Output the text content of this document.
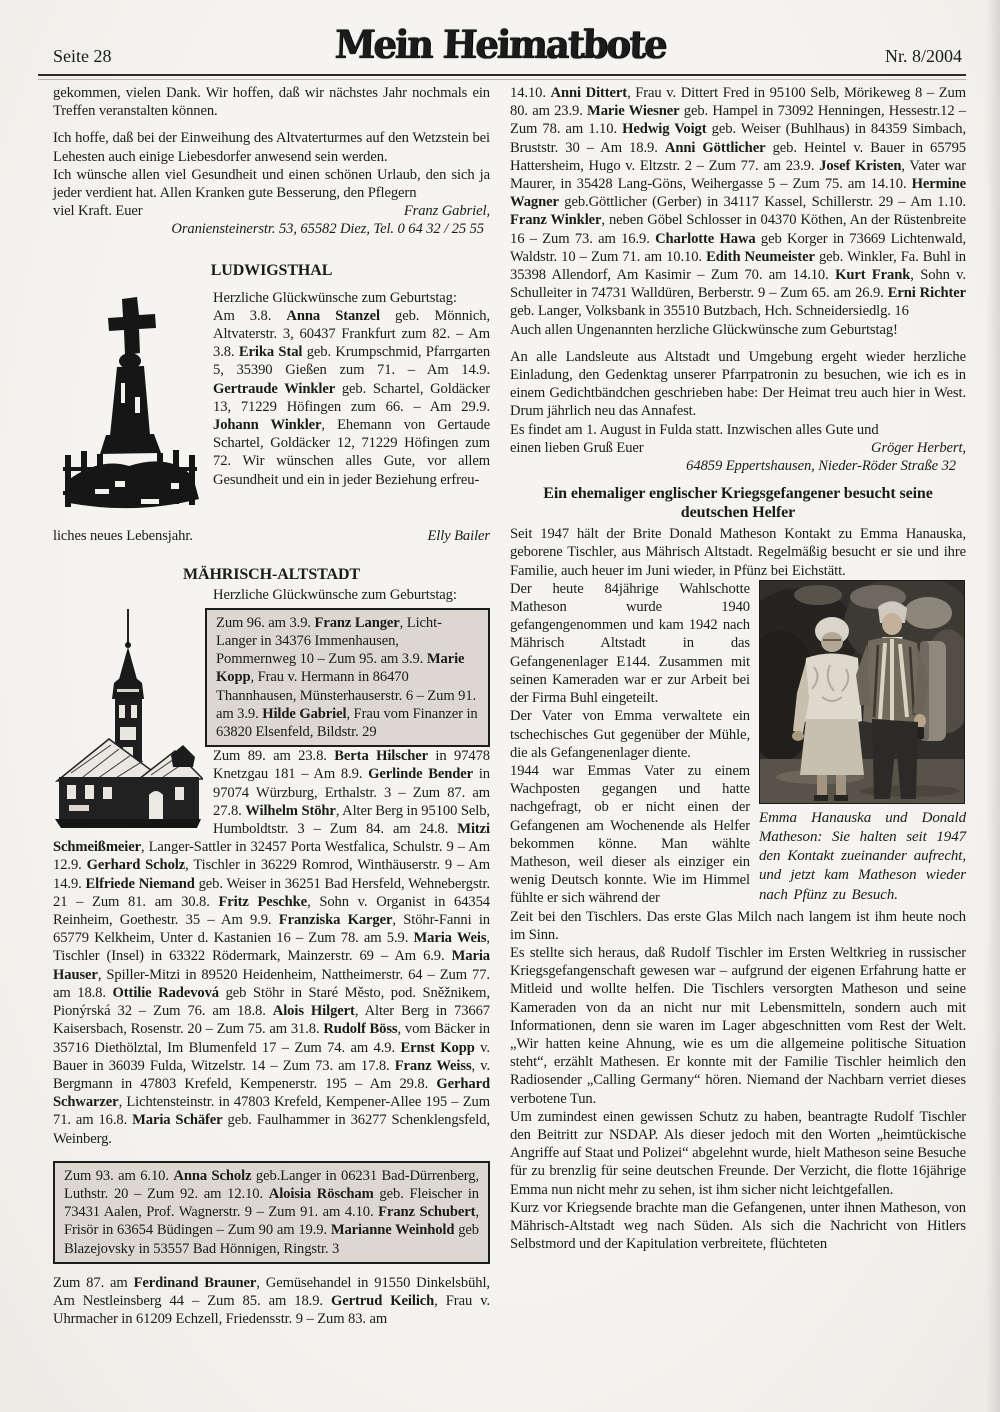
Seite 28	Mein Heimatbote	Nr. 8/2004

gekommen, vielen Dank. Wir hoffen, daß wir nächstes Jahr nochmals ein Treffen veranstalten können.

Ich hoffe, daß bei der Einweihung des Altvaterturmes auf den Wetzstein bei Lehesten auch einige Liebesdorfer anwesend sein werden.

Ich wünsche allen viel Gesundheit und einen schönen Urlaub, den sich ja jeder verdient hat. Allen Kranken gute Besserung, den Pflegern

viel Kraft. Euer	Franz Gabriel,
Oraniensteinerstr. 53, 65582 Diez, Tel. 0 64 32 / 25 55
LUDWIGSTHAL
Herzliche Glückwünsche zum Geburtstag:
Am 3.8. Anna Stanzel geb. Mönnich, Altvaterstr. 3, 60437 Frankfurt zum 82. – Am 3.8. Erika Stal geb. Krumpschmid, Pfarrgarten 5, 35390 Gießen zum 71. – Am 14.9. Gertraude Winkler geb. Schartel, Goldäcker 13, 71229 Höfingen zum 66. – Am 29.9. Johann Winkler, Ehemann von Gertaude Schartel, Goldäcker 12, 71229 Höfingen zum 72. Wir wünschen alles Gute, vor allem Gesundheit und ein in jeder Beziehung erfreu-
liches neues Lebensjahr.	Elly Bailer
MÄHRISCH-ALTSTADT
Herzliche Glückwünsche zum Geburtstag:
Zum 96. am 3.9. Franz Langer, Licht-Langer in 34376 Immenhausen, Pommernweg 10 – Zum 95. am 3.9. Marie Kopp, Frau v. Hermann in 86470 Thannhausen, Münsterhauserstr. 6 – Zum 91. am 3.9. Hilde Gabriel, Frau vom Finanzer in 63820 Elsenfeld, Bildstr. 29
Zum 89. am 23.8. Berta Hilscher in 97478 Knetzgau 181 – Am 8.9. Gerlinde Bender in 97074 Würzburg, Erthalstr. 3 – Zum 87. am 27.8. Wilhelm Stöhr, Alter Berg in 95100 Selb, Humboldtstr. 3 – Zum 84. am 24.8. Mitzi Schmeißmeier, Langer-Sattler in 32457 Porta Westfalica, Schulstr. 9 – Am 12.9. Gerhard Scholz, Tischler in 36229 Romrod, Winthäuserstr. 9 – Am 14.9. Elfriede Niemand geb. Weiser in 36251 Bad Hersfeld, Wehnebergstr. 21 – Zum 81. am 30.8. Fritz Peschke, Sohn v. Organist in 64354 Reinheim, Goethestr. 35 – Am 9.9. Franziska Karger, Stöhr-Fanni in 65779 Kelkheim, Unter d. Kastanien 16 – Zum 78. am 5.9. Maria Weis, Tischler (Insel) in 63322 Rödermark, Mainzerstr. 69 – Am 6.9. Maria Hauser, Spiller-Mitzi in 89520 Heidenheim, Nattheimerstr. 64 – Zum 77. am 18.8. Ottilie Radevová geb Stöhr in Staré Město, pod. Sněžnikem, Pionýrská 32 – Zum 76. am 18.8. Alois Hilgert, Alter Berg in 73667 Kaisersbach, Rosenstr. 20 – Zum 75. am 31.8. Rudolf Böss, vom Bäcker in 35716 Diethölztal, Im Blumenfeld 17 – Zum 74. am 4.9. Ernst Kopp v. Bauer in 36039 Fulda, Witzelstr. 14 – Zum 73. am 17.8. Franz Weiss, v. Bergmann in 47803 Krefeld, Kempenerstr. 195 – Am 29.8. Gerhard Schwarzer, Lichtensteinstr. in 47803 Krefeld, Kempener-Allee 195 – Zum 71. am 16.8. Maria Schäfer geb. Faulhammer in 36277 Schenklengsfeld, Weinberg.
Zum 93. am 6.10. Anna Scholz geb.Langer in 06231 Bad-Dürrenberg, Luthstr. 20 – Zum 92. am 12.10. Aloisia Röscham geb. Fleischer in 73431 Aalen, Prof. Wagnerstr. 9 – Zum 91. am 4.10. Franz Schubert, Frisör in 63654 Büdingen – Zum 90 am 19.9. Marianne Weinhold geb Blazejovsky in 53557 Bad Hönnigen, Ringstr. 3

Zum 87. am Ferdinand Brauner, Gemüsehandel in 91550 Dinkelsbühl, Am Nestleinsberg 44 – Zum 85. am 18.9. Gertrud Keilich, Frau v. Uhrmacher in 61209 Echzell, Friedensstr. 9 – Zum 83. am

14.10. Anni Dittert, Frau v. Dittert Fred in 95100 Selb, Mörikeweg 8 – Zum 80. am 23.9. Marie Wiesner geb. Hampel in 73092 Henningen, Hessestr.12 – Zum 78. am 1.10. Hedwig Voigt geb. Weiser (Buhlhaus) in 84359 Simbach, Bruststr. 30 – Am 18.9. Anni Göttlicher geb. Heintel v. Bauer in 65795 Hattersheim, Hugo v. Eltzstr. 2 – Zum 77. am 23.9. Josef Kristen, Vater war Maurer, in 35428 Lang-Göns, Weihergasse 5 – Zum 75. am 14.10. Hermine Wagner geb.Göttlicher (Gerber) in 34117 Kassel, Schillerstr. 29 – Am 1.10. Franz Winkler, neben Göbel Schlosser in 04370 Köthen, An der Rüstenbreite 16 – Zum 73. am 16.9. Charlotte Hawa geb Korger in 73669 Lichtenwald, Waldstr. 10 – Zum 71. am 10.10. Edith Neumeister geb. Winkler, Fa. Buhl in 35398 Allendorf, Am Kasimir – Zum 70. am 14.10. Kurt Frank, Sohn v. Schulleiter in 74731 Walldüren, Berberstr. 9 – Zum 65. am 26.9. Erni Richter geb. Langer, Volksbank in 35510 Butzbach, Hch. Schneidersiedlg. 16

Auch allen Ungenannten herzliche Glückwünsche zum Geburtstag!

An alle Landsleute aus Altstadt und Umgebung ergeht wieder herzliche Einladung, den Gedenktag unserer Pfarrpatronin zu besuchen, wie ich es in einem Gedichtbändchen geschrieben habe: Der Heimat treu auch hier in West. Drum jährlich neu das Annafest.

Es findet am 1. August in Fulda statt. Inzwischen alles Gute und

einen lieben Gruß Euer	Gröger Herbert,
64859 Eppertshausen, Nieder-Röder Straße 32
Ein ehemaliger englischer Kriegsgefangener besucht seine deutschen Helfer

Seit 1947 hält der Brite Donald Matheson Kontakt zu Emma Hanauska, geborene Tischler, aus Mährisch Altstadt. Regelmäßig besucht er sie und ihre Familie, auch heuer im Juni wieder, in Pfünz bei Eichstätt.

Emma Hanauska und Donald Matheson: Sie halten seit 1947 den Kontakt zueinander aufrecht, und jetzt kam Matheson wieder nach Pfünz zu Besuch.

Der heute 84jährige Wahlschotte Matheson wurde 1940 gefangengenommen und kam 1942 nach Mährisch Altstadt in das Gefangenenlager E144. Zusammen mit seinen Kameraden war er zur Arbeit bei der Firma Buhl eingeteilt.

Der Vater von Emma verwaltete ein tschechisches Gut gegenüber der Mühle, die als Gefangenenlager diente.

1944 war Emmas Vater zu einem Wachposten gegangen und hatte nachgefragt, ob er nicht einen der Gefangenen am Wochenende als Helfer bekommen könne. Man wählte Matheson, weil dieser als einziger ein wenig Deutsch konnte. Wie im Himmel fühlte er sich während der

Zeit bei den Tischlers. Das erste Glas Milch nach langem ist ihm heute noch im Sinn.

Es stellte sich heraus, daß Rudolf Tischler im Ersten Weltkrieg in russischer Kriegsgefangenschaft gewesen war – aufgrund der eigenen Erfahrung hatte er Mitleid und wollte helfen. Die Tischlers versorgten Matheson und seine Kameraden von da an nicht nur mit Lebensmitteln, sondern auch mit Informationen, denn sie waren im Lager abgeschnitten vom Rest der Welt. „Wir hatten keine Ahnung, wie es um die allgemeine politische Situation steht“, erzählt Mathesen. Er konnte mit der Familie Tischler heimlich den Radiosender „Calling Germany“ hören. Niemand der Nachbarn verriet dieses verbotene Tun.

Um zumindest einen gewissen Schutz zu haben, beantragte Rudolf Tischler den Beitritt zur NSDAP. Als dieser jedoch mit den Worten „heimtückische Angriffe auf Staat und Polizei“ abgelehnt wurde, hielt Matheson seine Besuche für zu brenzlig für seine deutschen Freunde. Der Verzicht, die flotte 16jährige Emma nun nicht mehr zu sehen, ist ihm sicher nicht leichtgefallen.

Kurz vor Kriegsende brachte man die Gefangenen, unter ihnen Matheson, von Mährisch-Altstadt weg nach Süden. Als sich die Nachricht von Hitlers Selbstmord und der Kapitulation verbreitete, flüchteten
